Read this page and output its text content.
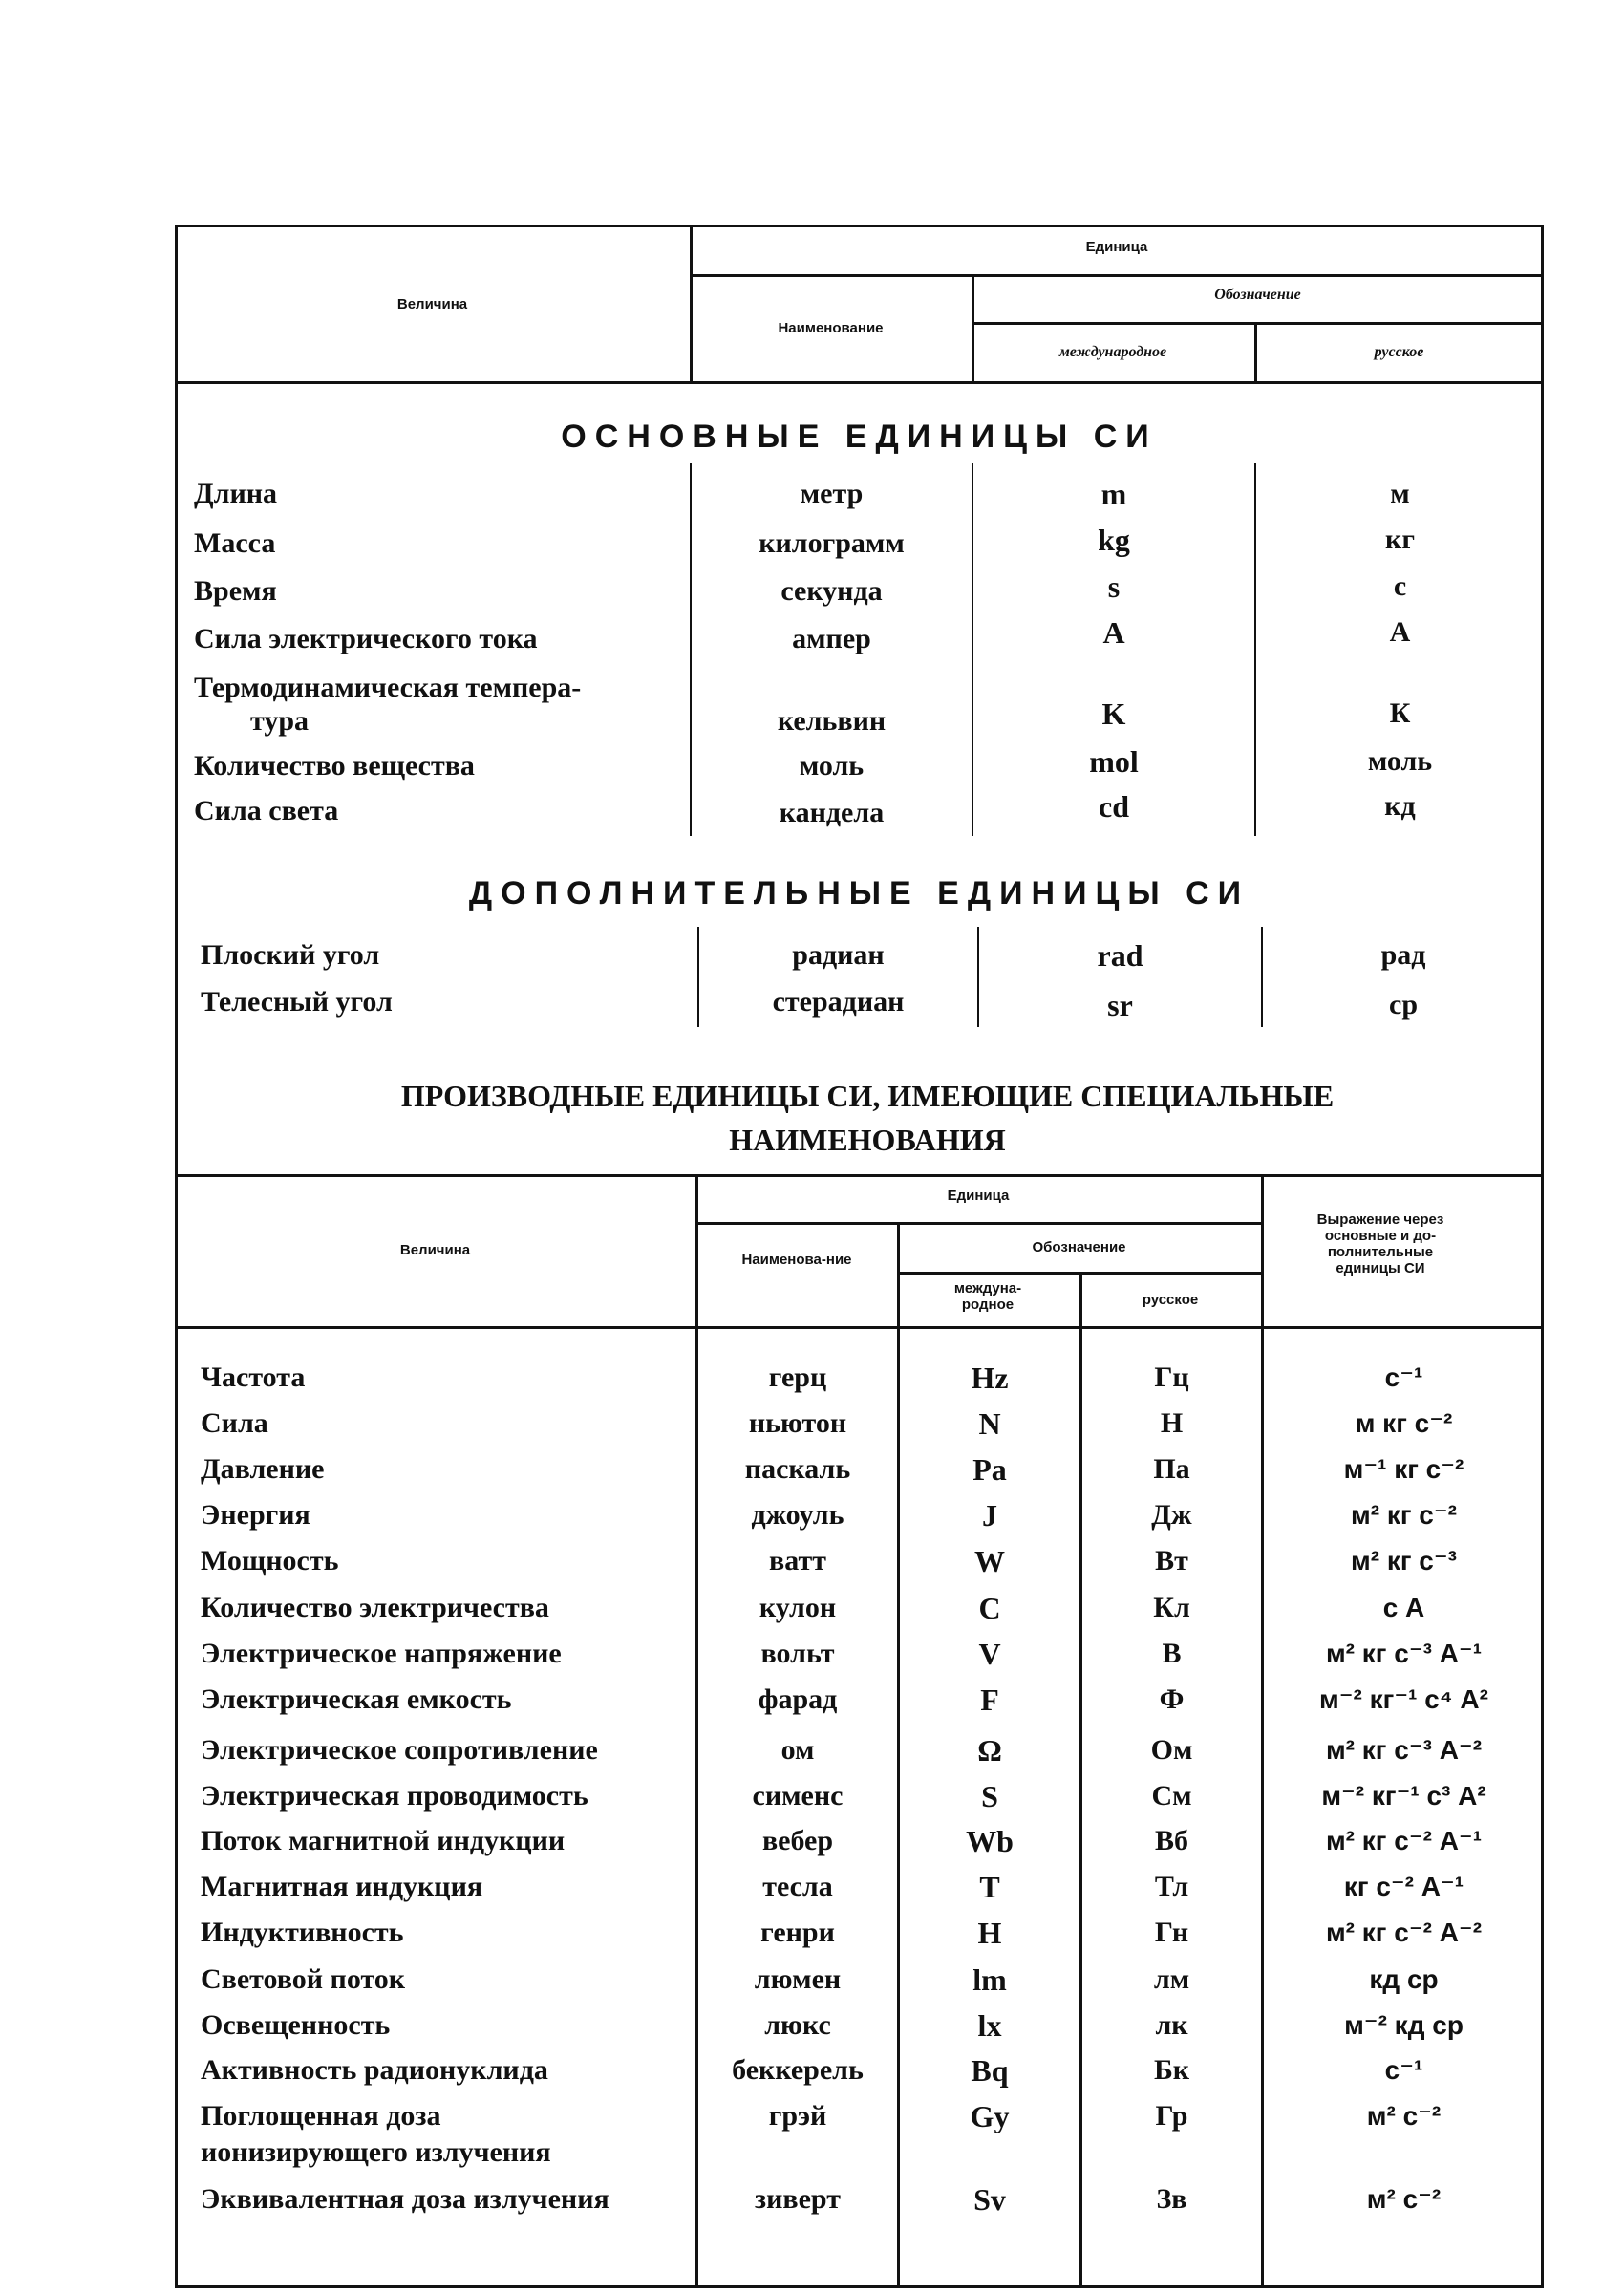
Величина
Единица
Наименование
Обозначение
международное	русское
ОСНОВНЫЕ ЕДИНИЦЫ СИ
Длина	метр	m	м
Масса	килограмм	kg	кг
Время	секунда	s	с
Сила электрического тока	ампер	A	А
Термодинамическая темпера-
тура	кельвин	K	К
Количество вещества	моль	mol	моль
Сила света	кандела	cd	кд
ДОПОЛНИТЕЛЬНЫЕ ЕДИНИЦЫ СИ
Плоский угол	радиан	rad	рад
Телесный угол	стерадиан	sr	ср
ПРОИЗВОДНЫЕ ЕДИНИЦЫ СИ, ИМЕЮЩИЕ СПЕЦИАЛЬНЫЕ
НАИМЕНОВАНИЯ
Величина
Единица
Наименова-ние
Обозначение
междуна-родное	русское
Выражение через основные и до-полнительные единицы СИ
Частота	герц	Hz	Гц	с⁻¹
Сила	ньютон	N	Н	м кг с⁻²
Давление	паскаль	Pa	Па	м⁻¹ кг с⁻²
Энергия	джоуль	J	Дж	м² кг с⁻²
Мощность	ватт	W	Вт	м² кг с⁻³
Количество электричества	кулон	C	Кл	с А
Электрическое напряжение	вольт	V	В	м² кг с⁻³ А⁻¹
Электрическая емкость	фарад	F	Ф	м⁻² кг⁻¹ с⁴ А²
Электрическое сопротивление	ом	Ω	Ом	м² кг с⁻³ А⁻²
Электрическая проводимость	сименс	S	См	м⁻² кг⁻¹ с³ А²
Поток магнитной индукции	вебер	Wb	Вб	м² кг с⁻² А⁻¹
Магнитная индукция	тесла	T	Тл	кг с⁻² А⁻¹
Индуктивность	генри	H	Гн	м² кг с⁻² А⁻²
Световой поток	люмен	lm	лм	кд ср
Освещенность	люкс	lx	лк	м⁻² кд ср
Активность радионуклида	беккерель	Bq	Бк	с⁻¹
Поглощенная доза	грэй	Gy	Гр	м² с⁻²
ионизирующего излучения
Эквивалентная доза излучения	зиверт	Sv	Зв	м² с⁻²
